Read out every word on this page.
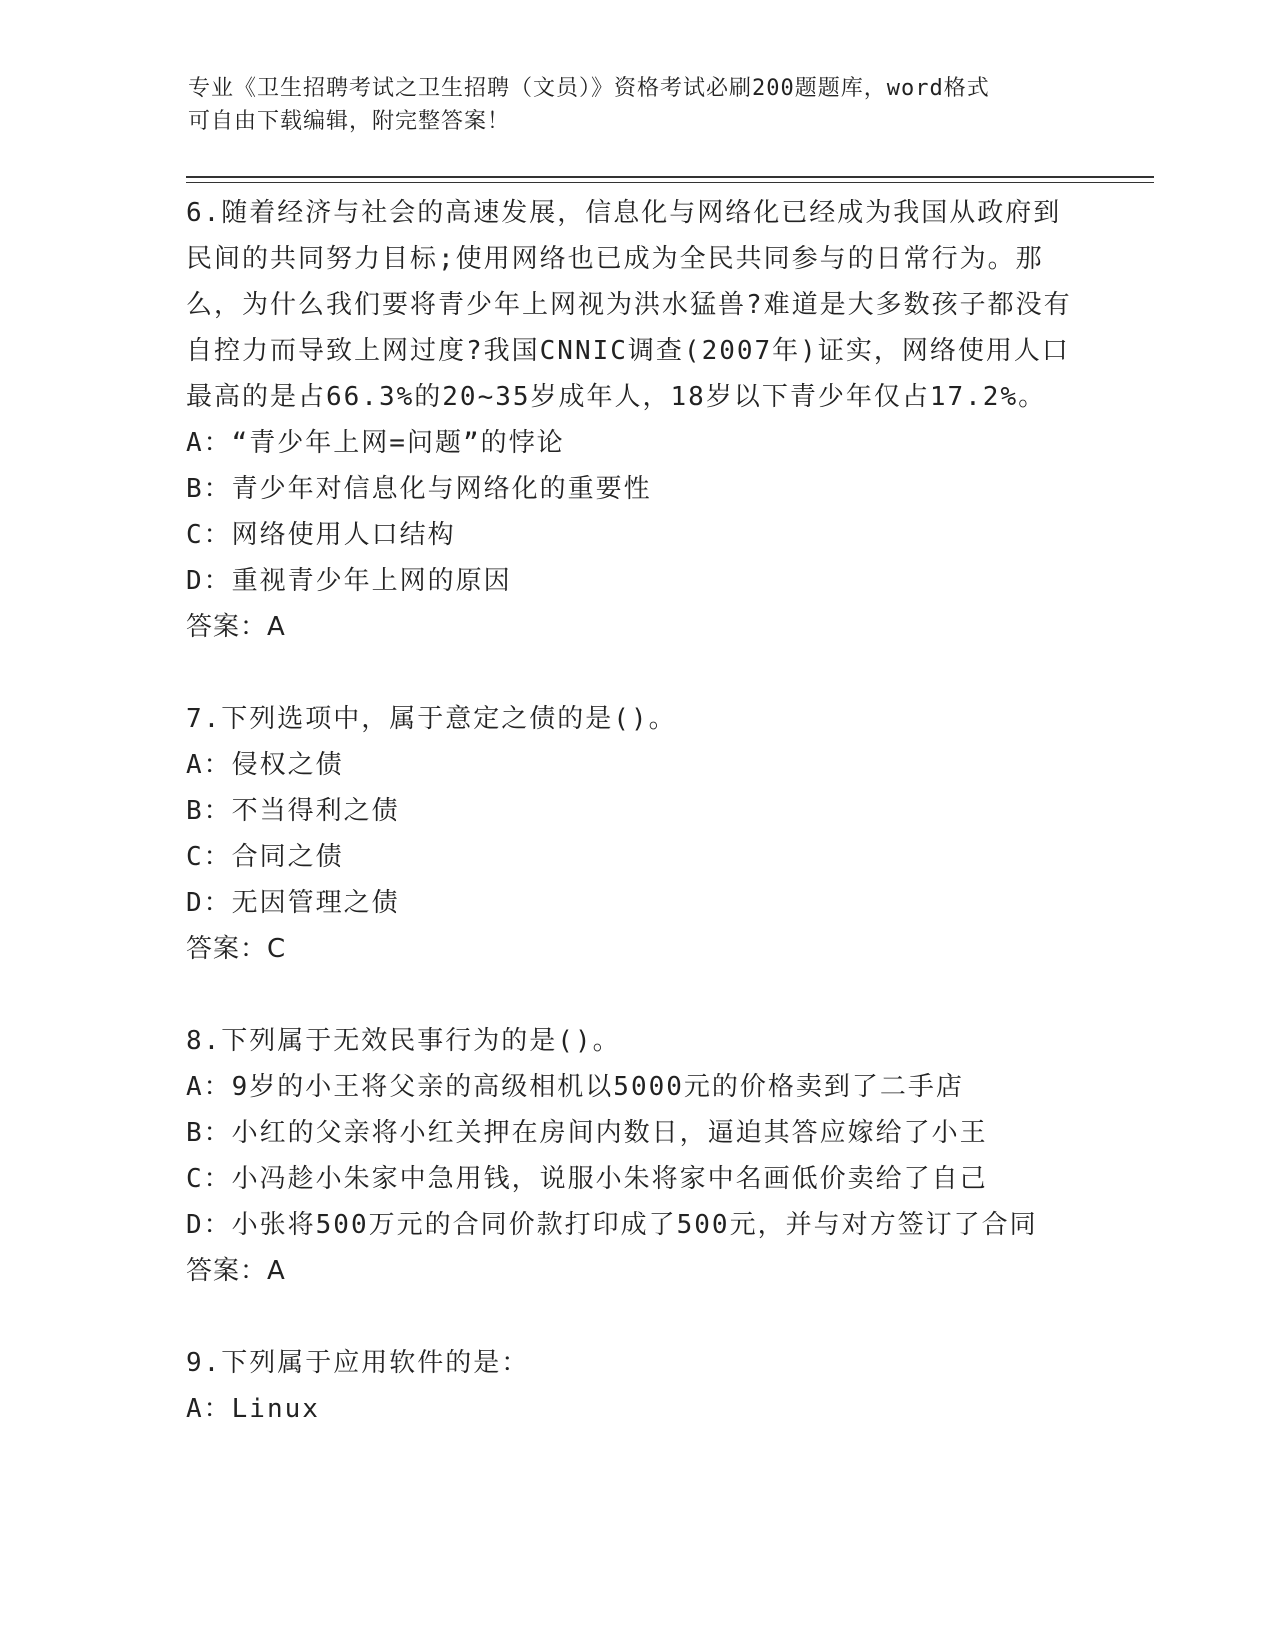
专业《卫生招聘考试之卫生招聘（文员）》资格考试必刷200题题库，word格式
可自由下载编辑，附完整答案！

6.随着经济与社会的高速发展，信息化与网络化已经成为我国从政府到民间的共同努力目标;使用网络也已成为全民共同参与的日常行为。那么，为什么我们要将青少年上网视为洪水猛兽?难道是大多数孩子都没有自控力而导致上网过度?我国CNNIC调查(2007年)证实，网络使用人口最高的是占66.3%的20~35岁成年人，18岁以下青少年仅占17.2%。

A：“青少年上网=问题”的悖论

B：青少年对信息化与网络化的重要性

C：网络使用人口结构

D：重视青少年上网的原因

答案：A

7.下列选项中，属于意定之债的是()。

A：侵权之债

B：不当得利之债

C：合同之债

D：无因管理之债

答案：C

8.下列属于无效民事行为的是()。

A：9岁的小王将父亲的高级相机以5000元的价格卖到了二手店

B：小红的父亲将小红关押在房间内数日，逼迫其答应嫁给了小王

C：小冯趁小朱家中急用钱，说服小朱将家中名画低价卖给了自己

D：小张将500万元的合同价款打印成了500元，并与对方签订了合同

答案：A

9.下列属于应用软件的是：

A：Linux
